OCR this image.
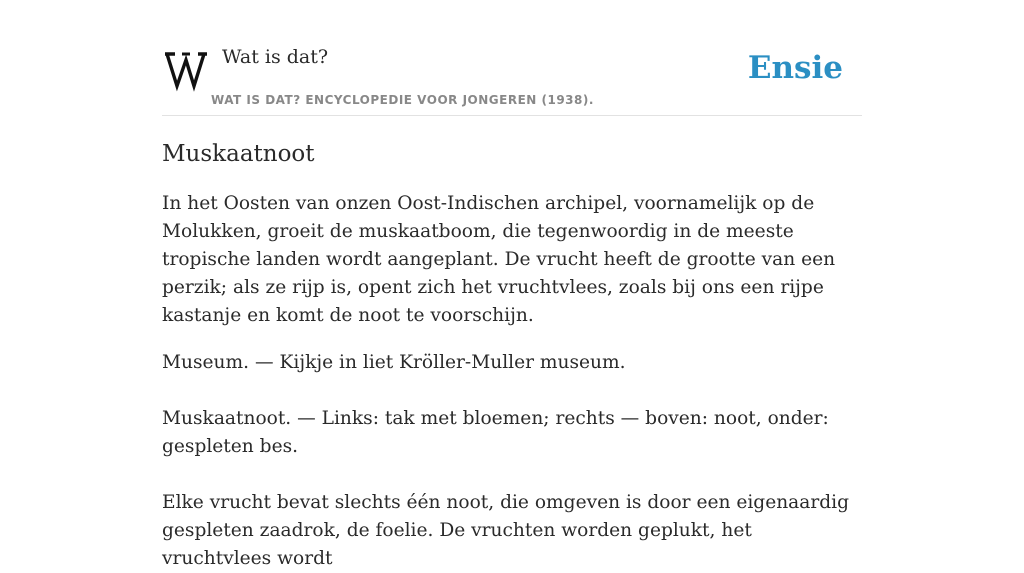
Wat is dat?
WAT IS DAT? ENCYCLOPEDIE VOOR JONGEREN (1938).
Ensie
Muskaatnoot

In het Oosten van onzen Oost-Indischen archipel, voornamelijk op de Molukken, groeit de muskaatboom, die tegenwoordig in de meeste tropische landen wordt aangeplant. De vrucht heeft de grootte van een perzik; als ze rijp is, opent zich het vruchtvlees, zoals bij ons een rijpe kastanje en komt de noot te voorschijn.

Museum. — Kijkje in liet Kröller-Muller museum.
Muskaatnoot. — Links: tak met bloemen; rechts — boven: noot, onder: gespleten bes.
Elke vrucht bevat slechts één noot, die omgeven is door een eigenaardig gespleten zaadrok, de foelie. De vruchten worden geplukt, het vruchtvlees wordt
